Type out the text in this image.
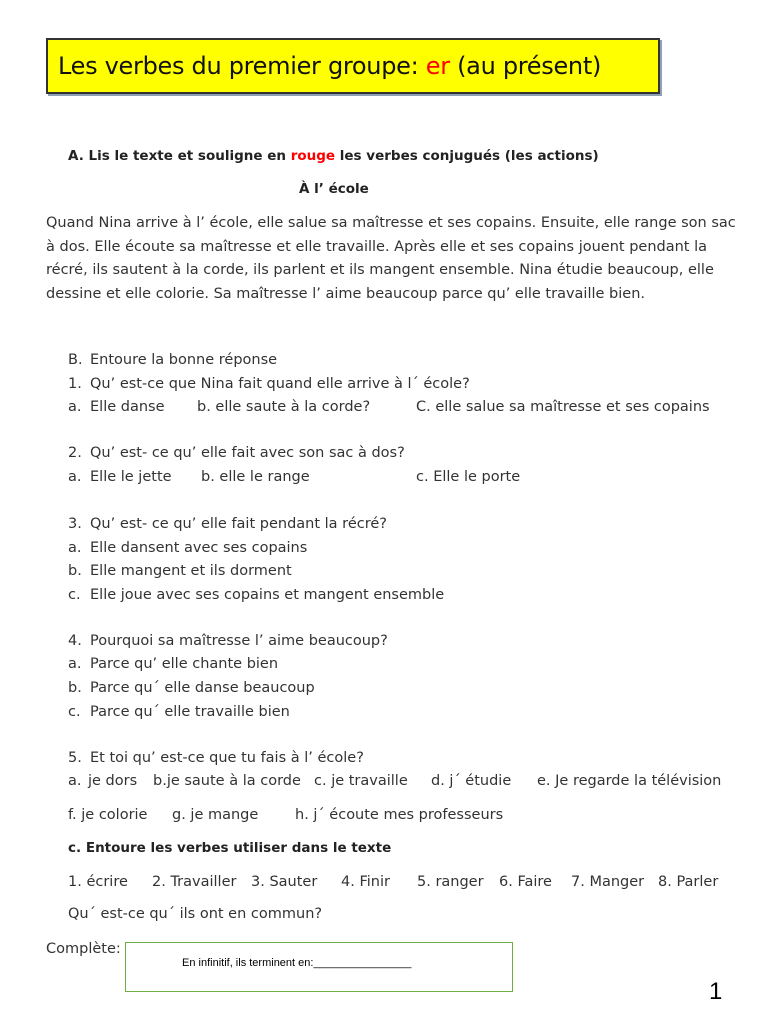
Les verbes du premier groupe: er (au présent)
A. Lis le texte et souligne en rouge les verbes conjugués (les actions)
À l’ école
Quand Nina arrive à l’ école, elle salue sa maîtresse et ses copains. Ensuite, elle range son sac à dos. Elle écoute sa maîtresse et elle travaille. Après elle et ses copains jouent pendant la récré, ils sautent à la corde, ils parlent et ils mangent ensemble. Nina étudie beaucoup, elle dessine et elle colorie. Sa maîtresse l’ aime beaucoup parce qu’ elle travaille bien.
B. Entoure la bonne réponse
1. Qu’ est-ce que Nina fait quand elle arrive à l´ école?
a. Elle danse b. elle saute à la corde?	C. elle salue sa maîtresse et ses copains
2. Qu’ est- ce qu’ elle fait avec son sac à dos?
a. Elle le jette b. elle le range	c. Elle le porte
3. Qu’ est- ce qu’ elle fait pendant la récré?
a. Elle dansent avec ses copains
b. Elle mangent et ils dorment
c. Elle joue avec ses copains et mangent ensemble
4. Pourquoi sa maîtresse l’ aime beaucoup?
a. Parce qu’ elle chante bien
b. Parce qu´ elle danse beaucoup
c. Parce qu´ elle travaille bien
5. Et toi qu’ est-ce que tu fais à l’ école?
a. je dors b.je saute à la corde c. je travaille d. j´ étudie e. Je regarde la télévision
f. je colorie g. je mange	h. j´ écoute mes professeurs
c. Entoure les verbes utiliser dans le texte
1. écrire 2. Travailler 3. Sauter 4. Finir 5. ranger 6. Faire 7. Manger 8. Parler
Qu´ est-ce qu´ ils ont en commun?
Complète:
En infinitif, ils terminent en:________________
1
